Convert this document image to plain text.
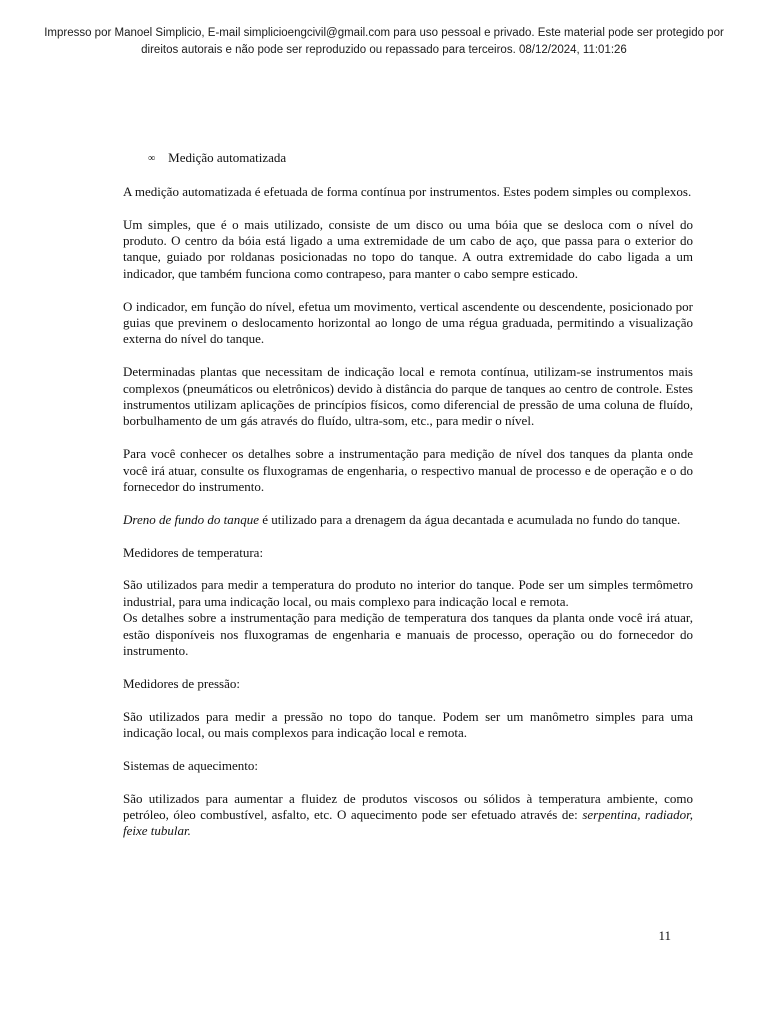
Impresso por Manoel Simplicio, E-mail simplicioengcivil@gmail.com para uso pessoal e privado. Este material pode ser protegido por direitos autorais e não pode ser reproduzido ou repassado para terceiros. 08/12/2024, 11:01:26
∞ Medição automatizada

A medição automatizada é efetuada de forma contínua por instrumentos. Estes podem simples ou complexos.

Um simples, que é o mais utilizado, consiste de um disco ou uma bóia que se desloca com o nível do produto. O centro da bóia está ligado a uma extremidade de um cabo de aço, que passa para o exterior do tanque, guiado por roldanas posicionadas no topo do tanque. A outra extremidade do cabo ligada a um indicador, que também funciona como contrapeso, para manter o cabo sempre esticado.

O indicador, em função do nível, efetua um movimento, vertical ascendente ou descendente, posicionado por guias que previnem o deslocamento horizontal ao longo de uma régua graduada, permitindo a visualização externa do nível do tanque.

Determinadas plantas que necessitam de indicação local e remota contínua, utilizam-se instrumentos mais complexos (pneumáticos ou eletrônicos) devido à distância do parque de tanques ao centro de controle. Estes instrumentos utilizam aplicações de princípios físicos, como diferencial de pressão de uma coluna de fluído, borbulhamento de um gás através do fluído, ultra-som, etc., para medir o nível.

Para você conhecer os detalhes sobre a instrumentação para medição de nível dos tanques da planta onde você irá atuar, consulte os fluxogramas de engenharia, o respectivo manual de processo e de operação e o do fornecedor do instrumento.

Dreno de fundo do tanque é utilizado para a drenagem da água decantada e acumulada no fundo do tanque.

Medidores de temperatura:

São utilizados para medir a temperatura do produto no interior do tanque. Pode ser um simples termômetro industrial, para uma indicação local, ou mais complexo para indicação local e remota.

Os detalhes sobre a instrumentação para medição de temperatura dos tanques da planta onde você irá atuar, estão disponíveis nos fluxogramas de engenharia e manuais de processo, operação ou do fornecedor do instrumento.

Medidores de pressão:

São utilizados para medir a pressão no topo do tanque. Podem ser um manômetro simples para uma indicação local, ou mais complexos para indicação local e remota.

Sistemas de aquecimento:

São utilizados para aumentar a fluidez de produtos viscosos ou sólidos à temperatura ambiente, como petróleo, óleo combustível, asfalto, etc. O aquecimento pode ser efetuado através de: serpentina, radiador, feixe tubular.

11
